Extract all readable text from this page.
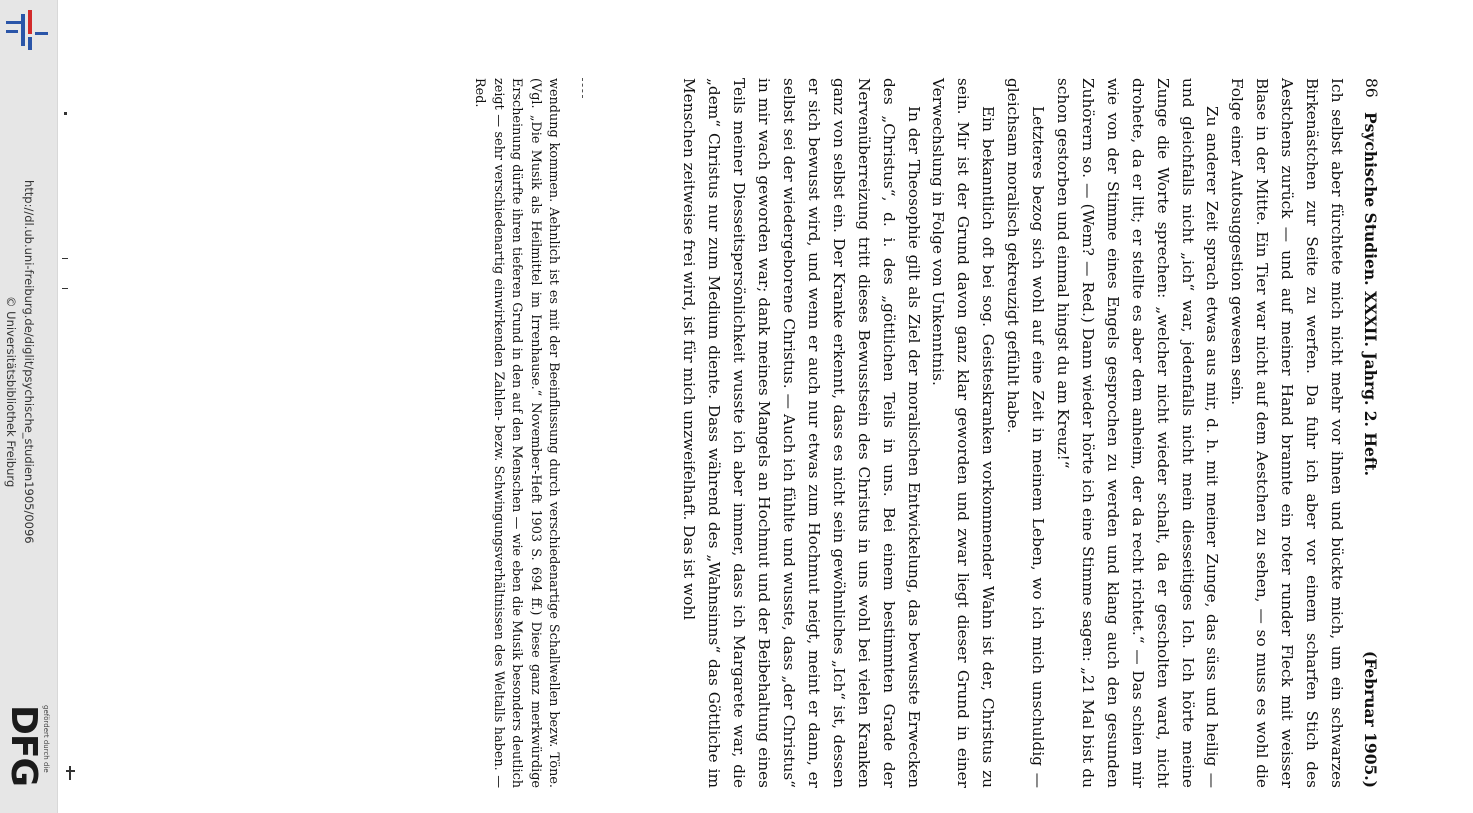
http://dl.ub.uni-freiburg.de/diglit/psychische_studien1905/0096
© Universitätsbibliothek Freiburg
gefördert durch die
DFG
86
Psychische Studien. XXXII. Jahrg. 2. Heft.
(Februar 1905.)

Ich selbst aber fürchtete mich nicht mehr vor ihnen und bückte mich, um ein schwarzes Birkenästchen zur Seite zu werfen. Da fuhr ich aber vor einem scharfen Stich des Aestchens zurück — und auf meiner Hand brannte ein roter runder Fleck mit weisser Blase in der Mitte. Ein Tier war nicht auf dem Aestchen zu sehen, — so muss es wohl die Folge einer Autosuggestion gewesen sein.

Zu anderer Zeit sprach etwas aus mir, d. h. mit meiner Zunge, das süss und heilig — und gleichfalls nicht „ich“ war, jedenfalls nicht mein diesseitiges Ich. Ich hörte meine Zunge die Worte sprechen: „welcher nicht wieder schalt, da er gescholten ward, nicht drohete, da er litt; er stellte es aber dem anheim, der da recht richtet.“ — Das schien mir wie von der Stimme eines Engels gesprochen zu werden und klang auch den gesunden Zuhörern so. — (Wem? — Red.) Dann wieder hörte ich eine Stimme sagen: „21 Mal bist du schon gestorben und einmal hingst du am Kreuz!“

Letzteres bezog sich wohl auf eine Zeit in meinem Leben, wo ich mich unschuldig — gleichsam moralisch gekreuzigt gefühlt habe.

Ein bekanntlich oft bei sog. Geisteskranken vorkommender Wahn ist der, Christus zu sein. Mir ist der Grund davon ganz klar geworden und zwar liegt dieser Grund in einer Verwechslung in Folge von Unkenntnis.

In der Theosophie gilt als Ziel der moralischen Entwickelung, das bewusste Erwecken des „Christus“, d. i. des „göttlichen Teils in uns. Bei einem bestimmten Grade der Nervenüberreizung tritt dieses Bewusstsein des Christus in uns wohl bei vielen Kranken ganz von selbst ein. Der Kranke erkennt, dass es nicht sein gewöhnliches „Ich“ ist, dessen er sich bewusst wird, und wenn er auch nur etwas zum Hochmut neigt, meint er dann, er selbst sei der wiedergeborene Christus. — Auch ich fühlte und wusste, dass „der Christus“ in mir wach geworden war; dank meines Mangels an Hochmut und der Beibehaltung eines Teils meiner Diesseitspersönlichkeit wusste ich aber immer, dass ich Margarete war, die „dem“ Christus nur zum Medium diente. Dass während des „Wahnsinns“ das Göttliche im Menschen zeitweise frei wird, ist für mich unzweifelhaft. Das ist wohl

wendung kommen. Aehnlich ist es mit der Beeinflussung durch verschiedenartige Schallwellen bezw. Töne. (Vgl. „Die Musik als Heilmittel im Irrenhause.“ November-Heft 1903 S. 694 ff.) Diese ganz merkwürdige Erscheinung dürfte ihren tieferen Grund in den auf den Menschen — wie eben die Musik besonders deutlich zeigt — sehr verschiedenartig einwirkenden Zahlen- bezw. Schwingungsverhältnissen des Weltalls haben. — Red.
